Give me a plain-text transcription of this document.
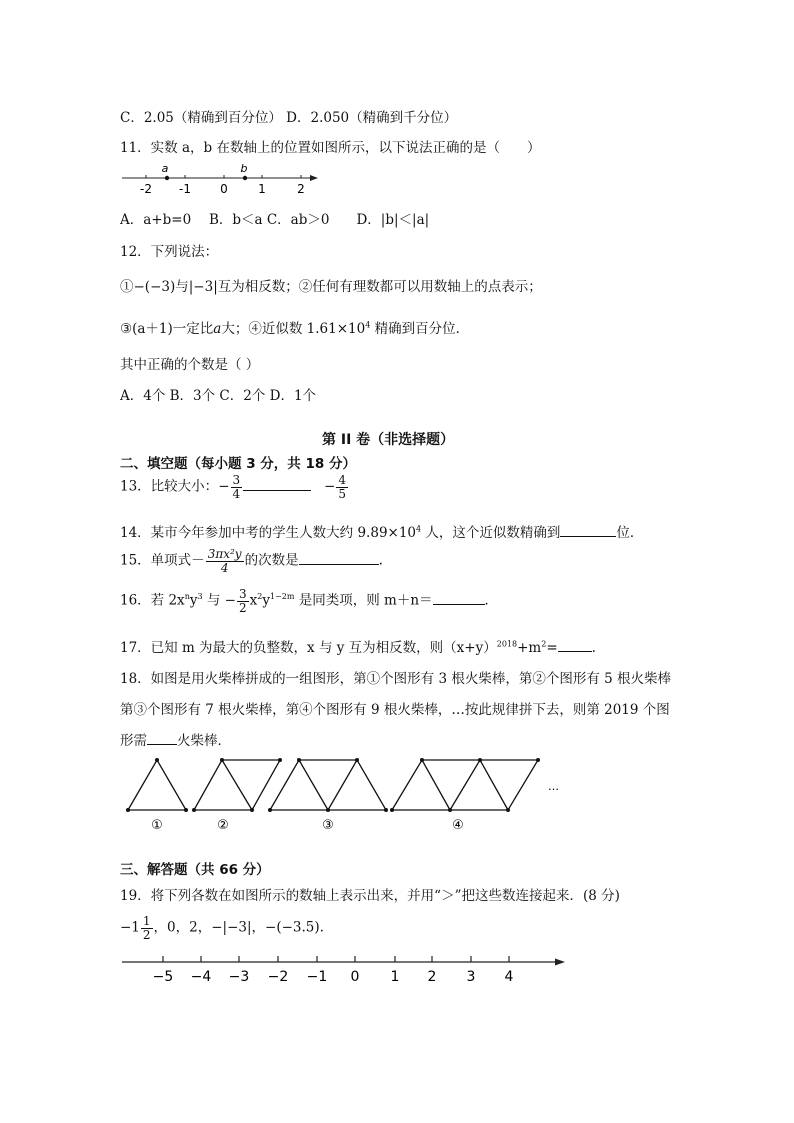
C．2.05（精确到百分位） D．2.050（精确到千分位）
11．实数 a，b 在数轴上的位置如图所示，以下说法正确的是（　　）
a	b
-2 -1 0	1	2
A．a+b=0　 B．b＜a C．ab＞0　　D．|b|＜|a|
12．下列说法：
①−(−3)与|−3|互为相反数；②任何有理数都可以用数轴上的点表示；
③(a＋1)一定比a大；④近似数 $1.61\times 10^4$ 精确到百分位．
其中正确的个数是（ ）
A．4个 B．3个 C．2个 D．1个
第 II 卷（非选择题）
二、填空题（每小题 3 分，共 18 分）
13．比较大小：− $\frac{3}{4}$	− $\frac{4}{5}$
14．某市今年参加中考的学生人数大约 $9.89\times 10^4$ 人，这个近似数精确到	位．
15．单项式－ $\frac{\text{3πx²y}}{4}$ 的次数是	.
16．若 $2x^ny^3$ 与 − $\frac{3}{2} x^2y^{1-2m}$ 是同类项，则 m＋n＝	．
17．已知 m 为最大的负整数，x 与 y 互为相反数，则$(x+y)^{2018}+m^2=$	.
18．如图是用火柴棒拼成的一组图形，第①个图形有 3 根火柴棒，第②个图形有 5 根火柴棒
第③个图形有 7 根火柴棒，第④个图形有 9 根火柴棒，…按此规律拼下去，则第 2019 个图
形需 火柴棒．
…
①	②	③	④
三、解答题（共 66 分）
19．将下列各数在如图所示的数轴上表示出来，并用“＞”把这些数连接起来．(8 分)
$-1 \frac{1}{2}$ ，0，2，−|−3|，−(−3.5).
−5 −4 −3 −2 −1 0 1 2 3 4
